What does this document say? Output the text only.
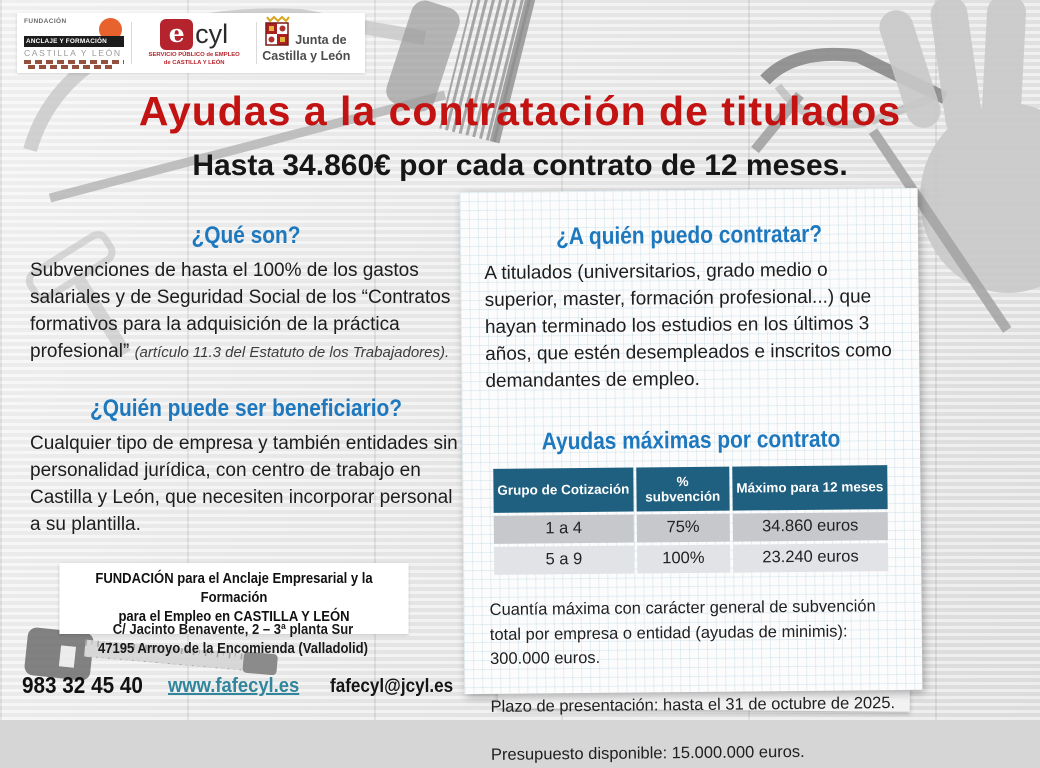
FUNDACIÓN
ANCLAJE Y FORMACIÓN
CASTILLA Y LEÓN
e cyl
SERVICIO PÚBLICO de EMPLEO
de CASTILLA Y LEÓN
Junta de
Castilla y León
Ayudas a la contratación de titulados
Hasta 34.860€ por cada contrato de 12 meses.
¿Qué son?

Subvenciones de hasta el 100% de los gastos salariales y de Seguridad Social de los “Contratos formativos para la adquisición de la práctica profesional” (artículo 11.3 del Estatuto de los Trabajadores).

¿Quién puede ser beneficiario?

Cualquier tipo de empresa y también entidades sin personalidad jurídica, con centro de trabajo en Castilla y León, que necesiten incorporar personal a su plantilla.

FUNDACIÓN para el Anclaje Empresarial y la Formación
para el Empleo en CASTILLA Y LEÓN
C/ Jacinto Benavente, 2 – 3ª planta Sur
47195 Arroyo de la Encomienda (Valladolid)
983 32 45 40 www.fafecyl.es fafecyl@jcyl.es
¿A quién puedo contratar?

A titulados (universitarios, grado medio o superior, master, formación profesional...) que hayan terminado los estudios en los últimos 3 años, que estén desempleados e inscritos como demandantes de empleo.

Ayudas máximas por contrato
Grupo de Cotización	% subvención	Máximo para 12 meses
1 a 4	75%	34.860 euros
5 a 9	100%	23.240 euros
Cuantía máxima con carácter general de subvención total por empresa o entidad (ayudas de minimis): 300.000 euros.
Plazo de presentación: hasta el 31 de octubre de 2025.
Presupuesto disponible: 15.000.000 euros.
